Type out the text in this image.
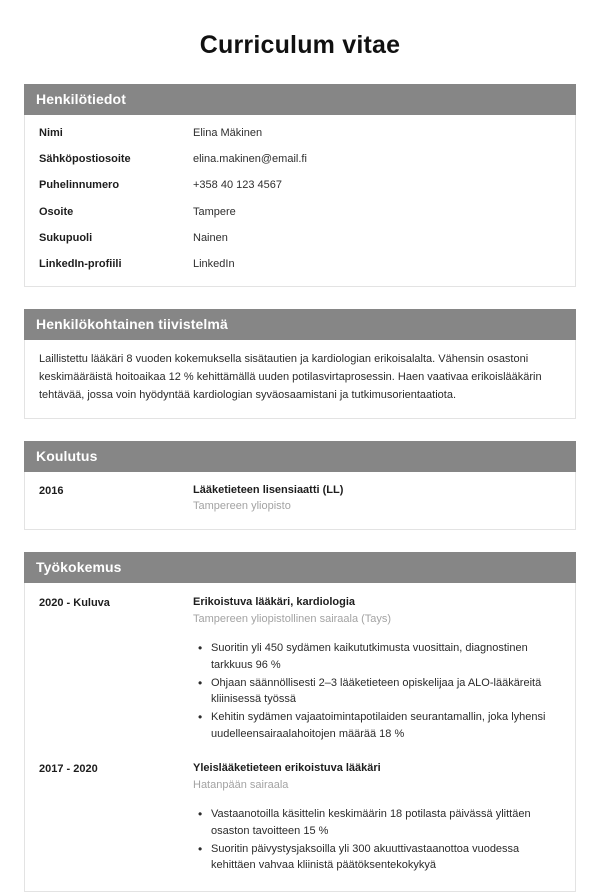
Curriculum vitae
Henkilötiedot
Nimi	Elina Mäkinen
Sähköpostiosoite	elina.makinen@email.fi
Puhelinnumero	+358 40 123 4567
Osoite	Tampere
Sukupuoli	Nainen
LinkedIn-profiili	LinkedIn
Henkilökohtainen tiivistelmä

Laillistettu lääkäri 8 vuoden kokemuksella sisätautien ja kardiologian erikoisalalta. Vähensin osastoni keskimääräistä hoitoaikaa 12 % kehittämällä uuden potilasvirtaprosessin. Haen vaativaa erikoislääkärin tehtävää, jossa voin hyödyntää kardiologian syväosaamistani ja tutkimusorientaatiota.

Koulutus
2016	Lääketieteen lisensiaatti (LL)
Tampereen yliopisto
Työkokemus
2020 - Kuluva	Erikoistuva lääkäri, kardiologia
Tampereen yliopistollinen sairaala (Tays)
• Suoritin yli 450 sydämen kaikututkimusta vuosittain, diagnostinen tarkkuus 96 %
• Ohjaan säännöllisesti 2–3 lääketieteen opiskelijaa ja ALO-lääkäreitä kliinisessä työssä
• Kehitin sydämen vajaatoimintapotilaiden seurantamallin, joka lyhensi uudelleensairaalahoitojen määrää 18 %
2017 - 2020	Yleislääketieteen erikoistuva lääkäri
Hatanpään sairaala
• Vastaanotoilla käsittelin keskimäärin 18 potilasta päivässä ylittäen osaston tavoitteen 15 %
• Suoritin päivystysjaksoilla yli 300 akuuttivastaanottoa vuodessa kehittäen vahvaa kliinistä päätöksentekokykyä
